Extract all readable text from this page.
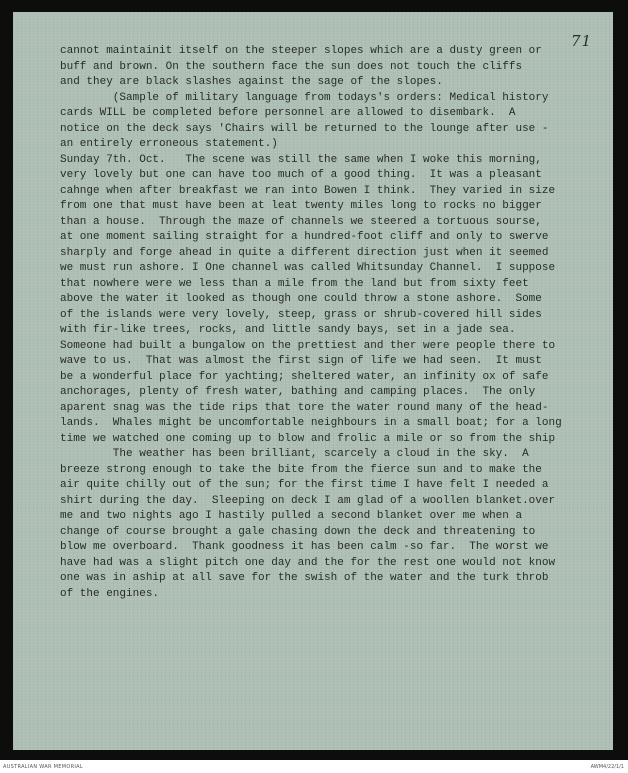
71
cannot maintainit itself on the steeper slopes which are a dusty green or
buff and brown. On the southern face the sun does not touch the cliffs
and they are black slashes against the sage of the slopes.
(Sample of military language from todays's orders: Medical history
cards WILL be completed before personnel are allowed to disembark.  A
notice on the deck says 'Chairs will be returned to the lounge after use -
an entirely erroneous statement.)
Sunday 7th. Oct.   The scene was still the same when I woke this morning,
very lovely but one can have too much of a good thing.  It was a pleasant
cahnge when after breakfast we ran into Bowen I think.  They varied in size
from one that must have been at leat twenty miles long to rocks no bigger
than a house.  Through the maze of channels we steered a tortuous sourse,
at one moment sailing straight for a hundred-foot cliff and only to swerve
sharply and forge ahead in quite a different direction just when it seemed
we must run ashore. I One channel was called Whitsunday Channel.  I suppose
that nowhere were we less than a mile from the land but from sixty feet
above the water it looked as though one could throw a stone ashore.  Some
of the islands were very lovely, steep, grass or shrub-covered hill sides
with fir-like trees, rocks, and little sandy bays, set in a jade sea.
Someone had built a bungalow on the prettiest and ther were people there to
wave to us.  That was almost the first sign of life we had seen.  It must
be a wonderful place for yachting; sheltered water, an infinity ox of safe
anchorages, plenty of fresh water, bathing and camping places.  The only
aparent snag was the tide rips that tore the water round many of the head-
lands.  Whales might be uncomfortable neighbours in a small boat; for a long
time we watched one coming up to blow and frolic a mile or so from the ship
The weather has been brilliant, scarcely a cloud in the sky.  A
breeze strong enough to take the bite from the fierce sun and to make the
air quite chilly out of the sun; for the first time I have felt I needed a
shirt during the day.  Sleeping on deck I am glad of a woollen blanket.over
me and two nights ago I hastily pulled a second blanket over me when a
change of course brought a gale chasing down the deck and threatening to
blow me overboard.  Thank goodness it has been calm -so far.  The worst we
have had was a slight pitch one day and the for the rest one would not know
one was in aship at all save for the swish of the water and the turk throb
of the engines.
AUSTRALIAN WAR MEMORIAL	AWM4/22/1/1
